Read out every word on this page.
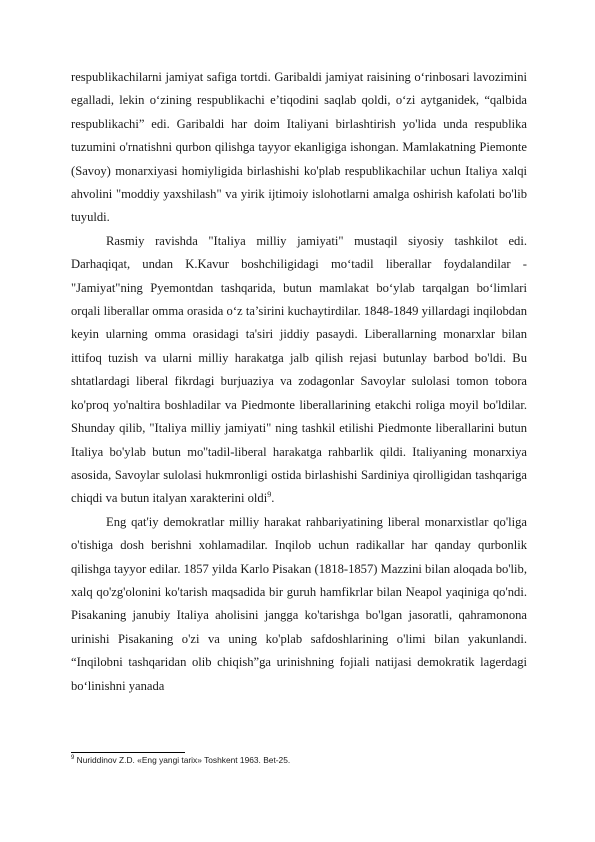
respublikachilarni jamiyat safiga tortdi. Garibaldi jamiyat raisining o‘rinbosari lavozimini egalladi, lekin o‘zining respublikachi e’tiqodini saqlab qoldi, o‘zi aytganidek, “qalbida respublikachi” edi. Garibaldi har doim Italiyani birlashtirish yo'lida unda respublika tuzumini o'rnatishni qurbon qilishga tayyor ekanligiga ishongan. Mamlakatning Piemonte (Savoy) monarxiyasi homiyligida birlashishi ko'plab respublikachilar uchun Italiya xalqi ahvolini "moddiy yaxshilash" va yirik ijtimoiy islohotlarni amalga oshirish kafolati bo'lib tuyuldi.

Rasmiy ravishda "Italiya milliy jamiyati" mustaqil siyosiy tashkilot edi. Darhaqiqat, undan K.Kavur boshchiligidagi mo‘tadil liberallar foydalandilar - "Jamiyat"ning Pyemontdan tashqarida, butun mamlakat bo‘ylab tarqalgan bo‘limlari orqali liberallar omma orasida o‘z ta’sirini kuchaytirdilar. 1848-1849 yillardagi inqilobdan keyin ularning omma orasidagi ta'siri jiddiy pasaydi. Liberallarning monarxlar bilan ittifoq tuzish va ularni milliy harakatga jalb qilish rejasi butunlay barbod bo'ldi. Bu shtatlardagi liberal fikrdagi burjuaziya va zodagonlar Savoylar sulolasi tomon tobora ko'proq yo'naltira boshladilar va Piedmonte liberallarining etakchi roliga moyil bo'ldilar. Shunday qilib, "Italiya milliy jamiyati" ning tashkil etilishi Piedmonte liberallarini butun Italiya bo'ylab butun mo''tadil-liberal harakatga rahbarlik qildi. Italiyaning monarxiya asosida, Savoylar sulolasi hukmronligi ostida birlashishi Sardiniya qirolligidan tashqariga chiqdi va butun italyan xarakterini oldi$^9$.

Eng qat'iy demokratlar milliy harakat rahbariyatining liberal monarxistlar qo'liga o'tishiga dosh berishni xohlamadilar. Inqilob uchun radikallar har qanday qurbonlik qilishga tayyor edilar. 1857 yilda Karlo Pisakan (1818-1857) Mazzini bilan aloqada bo'lib, xalq qo'zg'olonini ko'tarish maqsadida bir guruh hamfikrlar bilan Neapol yaqiniga qo'ndi. Pisakaning janubiy Italiya aholisini jangga ko'tarishga bo'lgan jasoratli, qahramonona urinishi Pisakaning o'zi va uning ko'plab safdoshlarining o'limi bilan yakunlandi. “Inqilobni tashqaridan olib chiqish”ga urinishning fojiali natijasi demokratik lagerdagi bo‘linishni yanada

$^9$ Nuriddinov Z.D. «Eng yangi tarix» Toshkent 1963. Bet-25.
